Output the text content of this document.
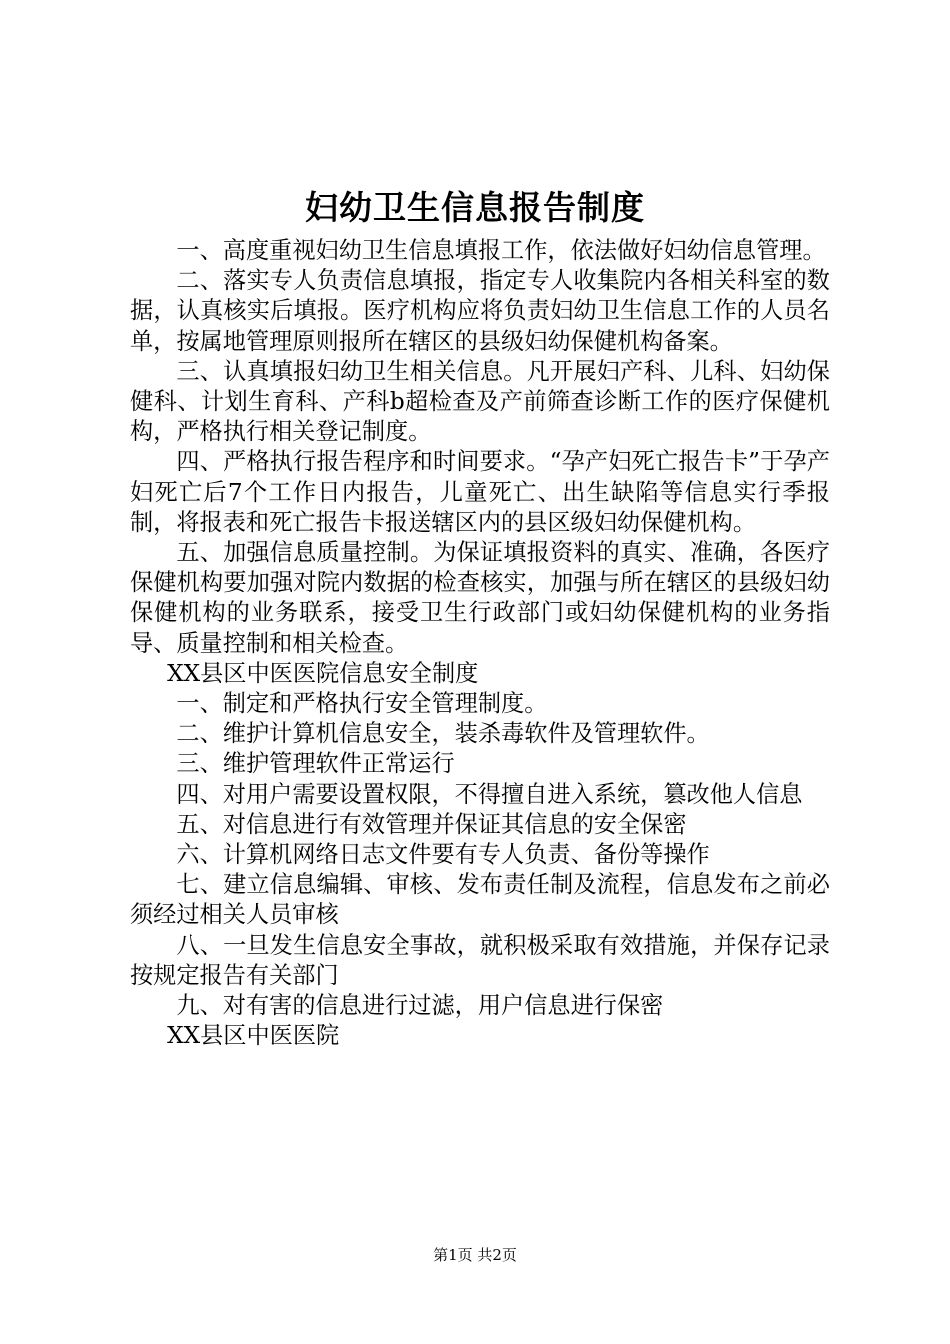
妇幼卫生信息报告制度

一、高度重视妇幼卫生信息填报工作，依法做好妇幼信息管理。

二、落实专人负责信息填报，指定专人收集院内各相关科室的数据，认真核实后填报。医疗机构应将负责妇幼卫生信息工作的人员名单，按属地管理原则报所在辖区的县级妇幼保健机构备案。

三、认真填报妇幼卫生相关信息。凡开展妇产科、儿科、妇幼保健科、计划生育科、产科b超检查及产前筛查诊断工作的医疗保健机构，严格执行相关登记制度。

四、严格执行报告程序和时间要求。“孕产妇死亡报告卡”于孕产妇死亡后7个工作日内报告，儿童死亡、出生缺陷等信息实行季报制，将报表和死亡报告卡报送辖区内的县区级妇幼保健机构。

五、加强信息质量控制。为保证填报资料的真实、准确，各医疗保健机构要加强对院内数据的检查核实，加强与所在辖区的县级妇幼保健机构的业务联系，接受卫生行政部门或妇幼保健机构的业务指导、质量控制和相关检查。

XX县区中医医院信息安全制度

一、制定和严格执行安全管理制度。

二、维护计算机信息安全，装杀毒软件及管理软件。

三、维护管理软件正常运行

四、对用户需要设置权限，不得擅自进入系统，篡改他人信息

五、对信息进行有效管理并保证其信息的安全保密

六、计算机网络日志文件要有专人负责、备份等操作

七、建立信息编辑、审核、发布责任制及流程，信息发布之前必须经过相关人员审核

八、一旦发生信息安全事故，就积极采取有效措施，并保存记录按规定报告有关部门

九、对有害的信息进行过滤，用户信息进行保密

XX县区中医医院

第1页 共2页
